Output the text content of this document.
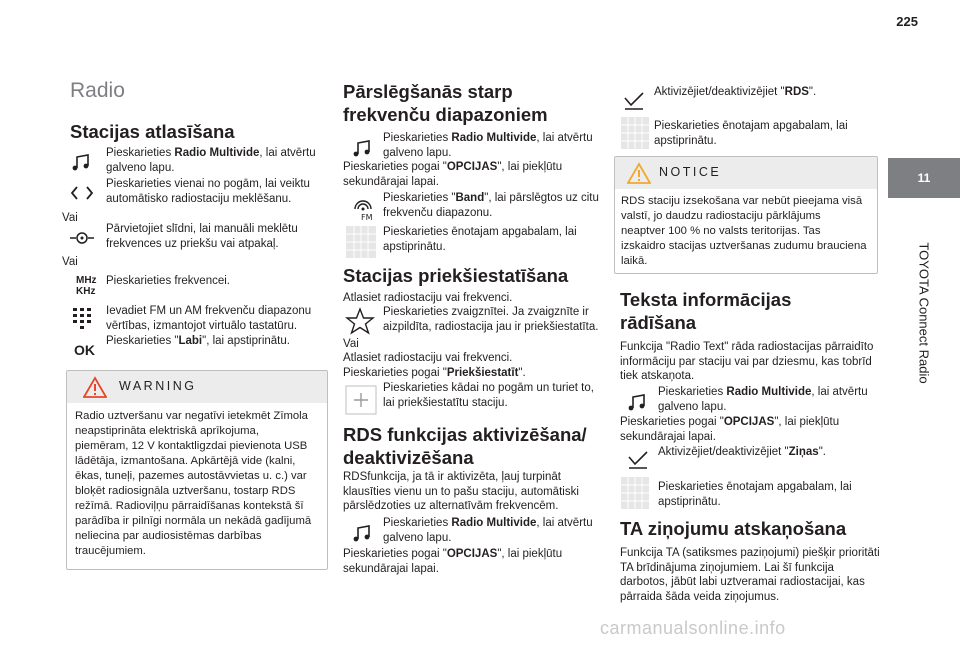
225
11
TOYOTA Connect Radio
Radio
Stacijas atlasīšana
Pieskarieties Radio Multivide, lai atvērtu galveno lapu.
Pieskarieties vienai no pogām, lai veiktu automātisko radiostaciju meklēšanu.
Vai
Pārvietojiet slīdni, lai manuāli meklētu frekvences uz priekšu vai atpakaļ.
Vai
MHz
KHz
Pieskarieties frekvencei.
Ievadiet FM un AM frekvenču diapazonu vērtības, izmantojot virtuālo tastatūru.
OK
Pieskarieties "Labi", lai apstiprinātu.
WARNING
Radio uztveršanu var negatīvi ietekmēt Zīmola neapstiprināta elektriskā aprīkojuma, piemēram, 12 V kontaktligzdai pievienota USB lādētāja, izmantošana. Apkārtējā vide (kalni, ēkas, tuneļi, pazemes autostāvvietas u. c.) var bloķēt radiosignāla uztveršanu, tostarp RDS režīmā. Radioviļņu pārraidīšanas kontekstā šī parādība ir pilnīgi normāla un nekādā gadījumā neliecina par audiosistēmas darbības traucējumiem.
Pārslēgšanās starp frekvenču diapazoniem
Pieskarieties Radio Multivide, lai atvērtu galveno lapu.
Pieskarieties pogai "OPCIJAS", lai piekļūtu sekundārajai lapai.
FM
Pieskarieties "Band", lai pārslēgtos uz citu frekvenču diapazonu.
Pieskarieties ēnotajam apgabalam, lai apstiprinātu.
Stacijas priekšiestatīšana
Atlasiet radiostaciju vai frekvenci.
Pieskarieties zvaigznītei. Ja zvaigznīte ir aizpildīta, radiostacija jau ir priekšiestatīta.
Vai
Atlasiet radiostaciju vai frekvenci.
Pieskarieties pogai "Priekšiestatīt".
Pieskarieties kādai no pogām un turiet to, lai priekšiestatītu staciju.
RDS funkcijas aktivizēšana/ deaktivizēšana
RDSfunkcija, ja tā ir aktivizēta, ļauj turpināt klausīties vienu un to pašu staciju, automātiski pārslēdzoties uz alternatīvām frekvencēm.
Pieskarieties Radio Multivide, lai atvērtu galveno lapu.
Pieskarieties pogai "OPCIJAS", lai piekļūtu sekundārajai lapai.
Aktivizējiet/deaktivizējiet "RDS".
Pieskarieties ēnotajam apgabalam, lai apstiprinātu.
NOTICE
RDS staciju izsekošana var nebūt pieejama visā valstī, jo daudzu radiostaciju pārklājums neaptver 100 % no valsts teritorijas. Tas izskaidro stacijas uztveršanas zudumu brauciena laikā.
Teksta informācijas rādīšana
Funkcija "Radio Text" rāda radiostacijas pārraidīto informāciju par staciju vai par dziesmu, kas tobrīd tiek atskaņota.
Pieskarieties Radio Multivide, lai atvērtu galveno lapu.
Pieskarieties pogai "OPCIJAS", lai piekļūtu sekundārajai lapai.
Aktivizējiet/deaktivizējiet "Ziņas".
Pieskarieties ēnotajam apgabalam, lai apstiprinātu.
TA ziņojumu atskaņošana
Funkcija TA (satiksmes paziņojumi) piešķir prioritāti TA brīdinājuma ziņojumiem. Lai šī funkcija darbotos, jābūt labi uztveramai radiostacijai, kas pārraida šāda veida ziņojumus.
carmanualsonline.info
